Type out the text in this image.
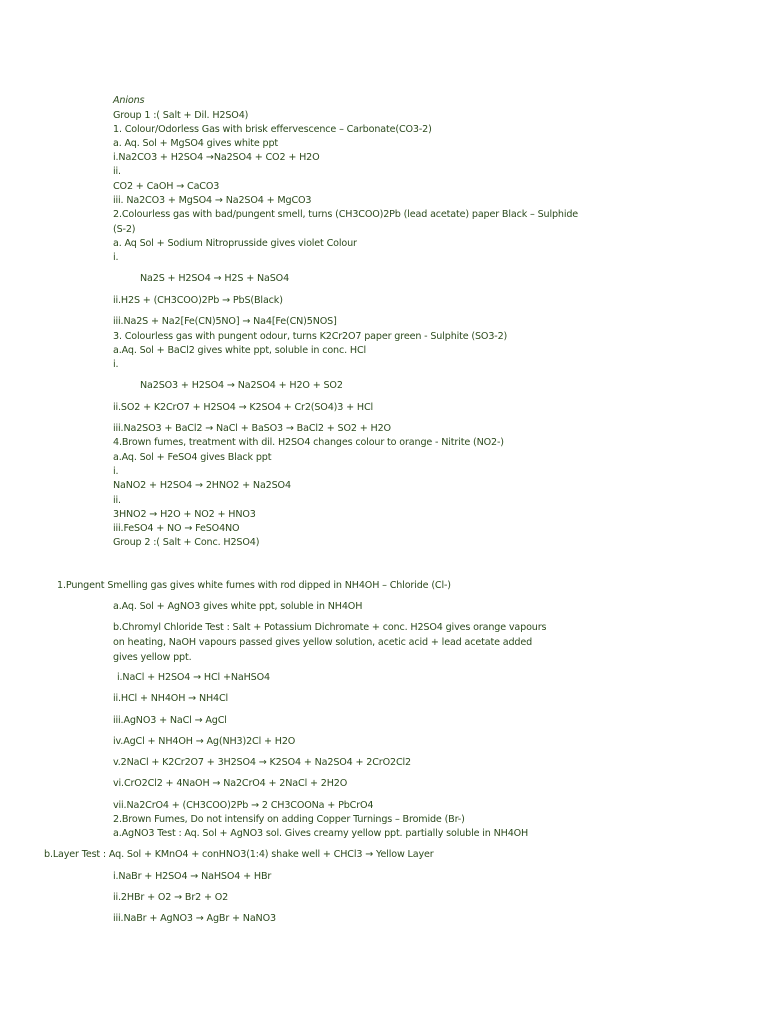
Anions
Group 1 :( Salt + Dil. H2SO4)
1. Colour/Odorless Gas with brisk effervescence – Carbonate(CO3-2)
a. Aq. Sol + MgSO4 gives white ppt
i.Na2CO3 + H2SO4 →Na2SO4 + CO2 + H2O
ii.
CO2 + CaOH → CaCO3
iii. Na2CO3 + MgSO4 → Na2SO4 + MgCO3
2.Colourless gas with bad/pungent smell, turns (CH3COO)2Pb (lead acetate) paper Black – Sulphide
(S-2)
a. Aq Sol + Sodium Nitroprusside gives violet Colour
i.
Na2S + H2SO4 → H2S + NaSO4
ii.H2S + (CH3COO)2Pb → PbS(Black)
iii.Na2S + Na2[Fe(CN)5NO] → Na4[Fe(CN)5NOS]
3. Colourless gas with pungent odour, turns K2Cr2O7 paper green - Sulphite (SO3-2)
a.Aq. Sol + BaCl2 gives white ppt, soluble in conc. HCl
i.
Na2SO3 + H2SO4 → Na2SO4 + H2O + SO2
ii.SO2 + K2CrO7 + H2SO4 → K2SO4 + Cr2(SO4)3 + HCl
iii.Na2SO3 + BaCl2 → NaCl + BaSO3 → BaCl2 + SO2 + H2O
4.Brown fumes, treatment with dil. H2SO4 changes colour to orange - Nitrite (NO2-)
a.Aq. Sol + FeSO4 gives Black ppt
i.
NaNO2 + H2SO4 → 2HNO2 + Na2SO4
ii.
3HNO2 → H2O + NO2 + HNO3
iii.FeSO4 + NO → FeSO4NO
Group 2 :( Salt + Conc. H2SO4)
1.Pungent Smelling gas gives white fumes with rod dipped in NH4OH – Chloride (Cl-)
a.Aq. Sol + AgNO3 gives white ppt, soluble in NH4OH
b.Chromyl Chloride Test : Salt + Potassium Dichromate + conc. H2SO4 gives orange vapours
on heating, NaOH vapours passed gives yellow solution, acetic acid + lead acetate added
gives yellow ppt.
i.NaCl + H2SO4 → HCl +NaHSO4
ii.HCl + NH4OH → NH4Cl
iii.AgNO3 + NaCl → AgCl
iv.AgCl + NH4OH → Ag(NH3)2Cl + H2O
v.2NaCl + K2Cr2O7 + 3H2SO4 → K2SO4 + Na2SO4 + 2CrO2Cl2
vi.CrO2Cl2 + 4NaOH → Na2CrO4 + 2NaCl + 2H2O
vii.Na2CrO4 + (CH3COO)2Pb → 2 CH3COONa + PbCrO4
2.Brown Fumes, Do not intensify on adding Copper Turnings – Bromide (Br-)
a.AgNO3 Test : Aq. Sol + AgNO3 sol. Gives creamy yellow ppt. partially soluble in NH4OH
b.Layer Test : Aq. Sol + KMnO4 + conHNO3(1:4) shake well + CHCl3 → Yellow Layer
i.NaBr + H2SO4 → NaHSO4 + HBr
ii.2HBr + O2 → Br2 + O2
iii.NaBr + AgNO3 → AgBr + NaNO3
